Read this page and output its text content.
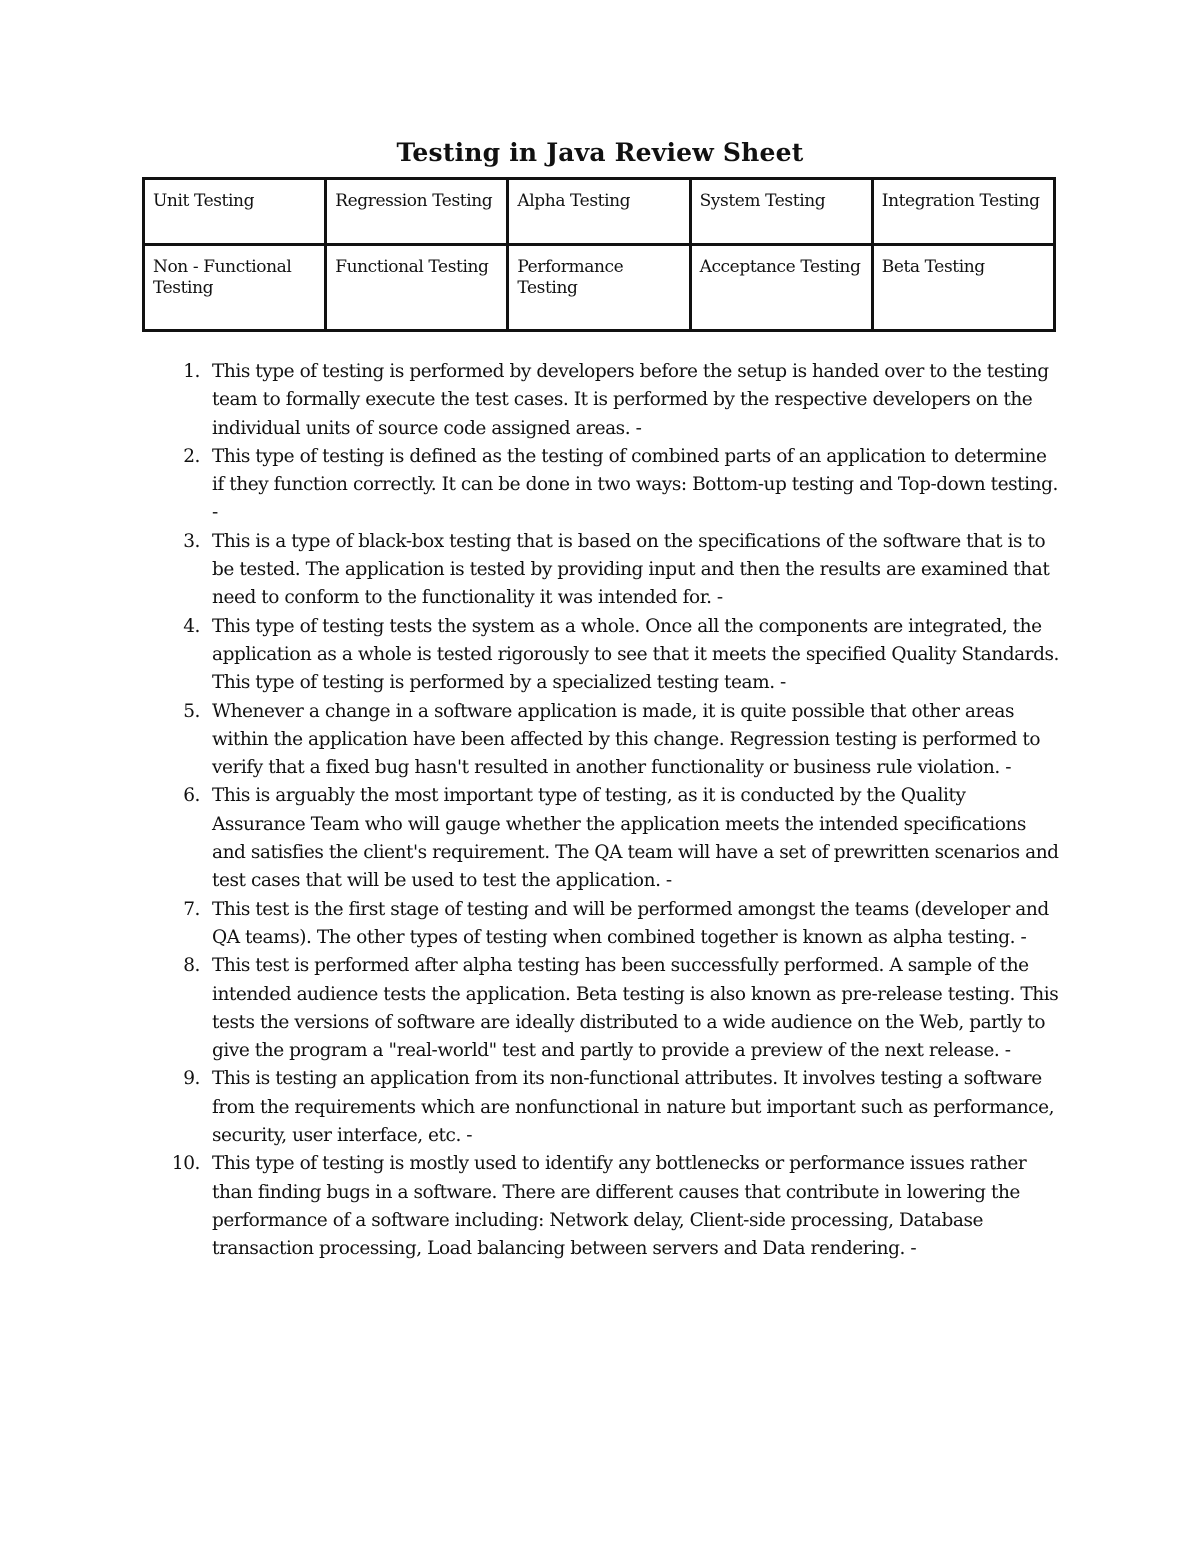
Testing in Java Review Sheet
Unit Testing	Regression Testing	Alpha Testing	System Testing	Integration Testing
Non - Functional Testing	Functional Testing	Performance Testing	Acceptance Testing	Beta Testing
1. This type of testing is performed by developers before the setup is handed over to the testing team to formally execute the test cases. It is performed by the respective developers on the individual units of source code assigned areas. -
2. This type of testing is defined as the testing of combined parts of an application to determine if they function correctly. It can be done in two ways: Bottom-up testing and Top-down testing. -
3. This is a type of black-box testing that is based on the specifications of the software that is to be tested. The application is tested by providing input and then the results are examined that need to conform to the functionality it was intended for. -
4. This type of testing tests the system as a whole. Once all the components are integrated, the application as a whole is tested rigorously to see that it meets the specified Quality Standards. This type of testing is performed by a specialized testing team. -
5. Whenever a change in a software application is made, it is quite possible that other areas within the application have been affected by this change. Regression testing is performed to verify that a fixed bug hasn't resulted in another functionality or business rule violation. -
6. This is arguably the most important type of testing, as it is conducted by the Quality Assurance Team who will gauge whether the application meets the intended specifications and satisfies the client's requirement. The QA team will have a set of prewritten scenarios and test cases that will be used to test the application. -
7. This test is the first stage of testing and will be performed amongst the teams (developer and QA teams). The other types of testing when combined together is known as alpha testing. -
8. This test is performed after alpha testing has been successfully performed. A sample of the intended audience tests the application. Beta testing is also known as pre-release testing. This tests the versions of software are ideally distributed to a wide audience on the Web, partly to give the program a "real-world" test and partly to provide a preview of the next release. -
9. This is testing an application from its non-functional attributes. It involves testing a software from the requirements which are nonfunctional in nature but important such as performance, security, user interface, etc. -
10. This type of testing is mostly used to identify any bottlenecks or performance issues rather than finding bugs in a software. There are different causes that contribute in lowering the performance of a software including: Network delay, Client-side processing, Database transaction processing, Load balancing between servers and Data rendering. -
